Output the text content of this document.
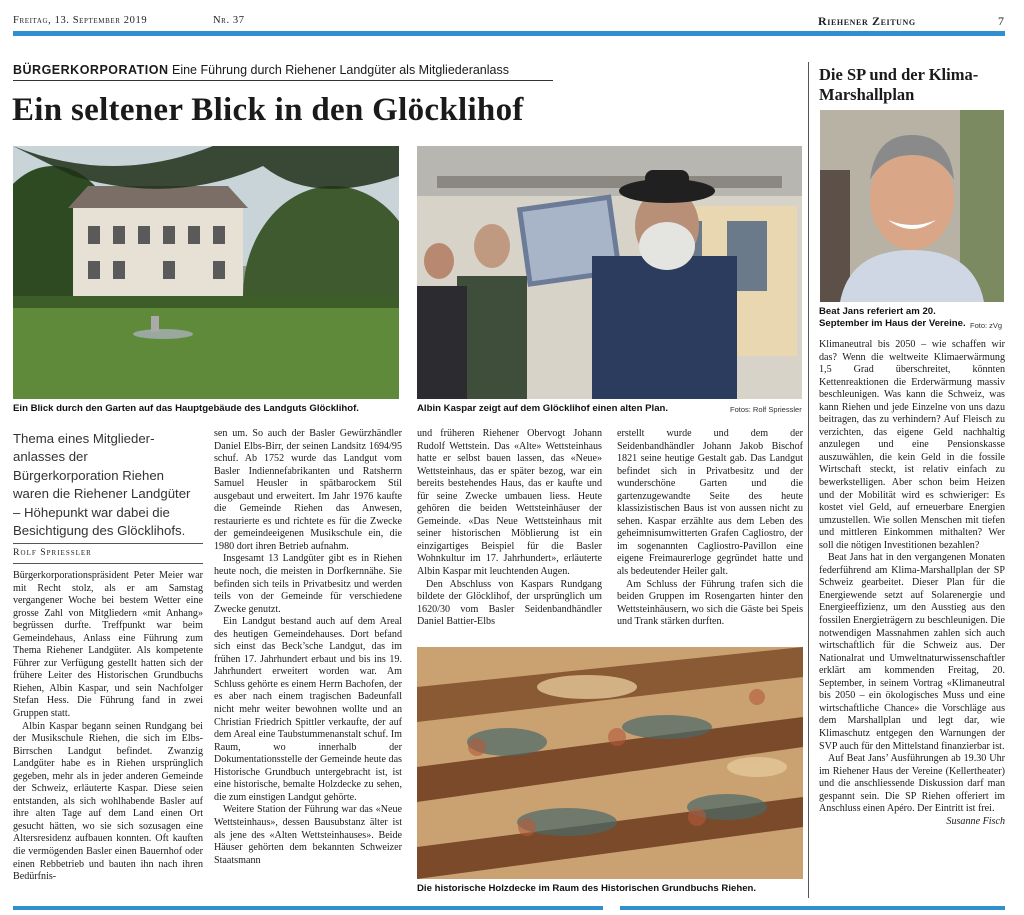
Freitag, 13. September 2019	Nr. 37	Riehener Zeitung	7
BÜRGERKORPORATION Eine Führung durch Riehener Landgüter als Mitgliederanlass
Ein seltener Blick in den Glöcklihof
Ein Blick durch den Garten auf das Hauptgebäude des Landguts Glöcklihof.	Albin Kaspar zeigt auf dem Glöcklihof einen alten Plan.	Fotos: Rolf Spriessler
Thema eines Mitgliederanlasses der Bürgerkorporation Riehen waren die Riehener Landgüter – Höhepunkt war dabei die Besichtigung des Glöcklihofs.
Rolf Spriessler

Bürgerkorporationspräsident Peter Meier war mit Recht stolz, als er am Samstag vergangener Woche bei bestem Wetter eine grosse Zahl von Mitgliedern «mit Anhang» begrüssen durfte. Treffpunkt war beim Gemeindehaus, Anlass eine Führung zum Thema Riehener Landgüter. Als kompetente Führer zur Verfügung gestellt hatten sich der frühere Leiter des Historischen Grundbuchs Riehen, Albin Kaspar, und sein Nachfolger Stefan Hess. Die Führung fand in zwei Gruppen statt.

Albin Kaspar begann seinen Rundgang bei der Musikschule Riehen, die sich im Elbs-Birrschen Landgut befindet. Zwanzig Landgüter habe es in Riehen ursprünglich gegeben, mehr als in jeder anderen Gemeinde der Schweiz, erläuterte Kaspar. Diese seien entstanden, als sich wohlhabende Basler auf ihre alten Tage auf dem Land einen Ort gesucht hätten, wo sie sich sozusagen eine Altersresidenz aufbauen konnten. Oft kauften die vermögenden Basler einen Bauernhof oder einen Rebbetrieb und bauten ihn nach ihren Bedürfnis-

sen um. So auch der Basler Gewürzhändler Daniel Elbs-Birr, der seinen Landsitz 1694/95 schuf. Ab 1752 wurde das Landgut vom Basler Indiennefabrikanten und Ratsherrn Samuel Heusler in spätbarockem Stil ausgebaut und erweitert. Im Jahr 1976 kaufte die Gemeinde Riehen das Anwesen, restaurierte es und richtete es für die Zwecke der gemeindeeigenen Musikschule ein, die 1980 dort ihren Betrieb aufnahm.

Insgesamt 13 Landgüter gibt es in Riehen heute noch, die meisten in Dorfkernnähe. Sie befinden sich teils in Privatbesitz und werden teils von der Gemeinde für verschiedene Zwecke genutzt.

Ein Landgut bestand auch auf dem Areal des heutigen Gemeindehauses. Dort befand sich einst das Beck’sche Landgut, das im frühen 17. Jahrhundert erbaut und bis ins 19. Jahrhundert erweitert worden war. Am Schluss gehörte es einem Herrn Bachofen, der es aber nach einem tragischen Badeunfall nicht mehr weiter bewohnen wollte und an Christian Friedrich Spittler verkaufte, der auf dem Areal eine Taubstummenanstalt schuf. Im Raum, wo innerhalb der Dokumentationsstelle der Gemeinde heute das Historische Grundbuch untergebracht ist, ist eine historische, bemalte Holzdecke zu sehen, die zum einstigen Landgut gehörte.

Weitere Station der Führung war das «Neue Wettsteinhaus», dessen Bausubstanz älter ist als jene des «Alten Wettsteinhauses». Beide Häuser gehörten dem bekannten Schweizer Staatsmann

und früheren Riehener Obervogt Johann Rudolf Wettstein. Das «Alte» Wettsteinhaus hatte er selbst bauen lassen, das «Neue» Wettsteinhaus, das er später bezog, war ein bereits bestehendes Haus, das er kaufte und für seine Zwecke umbauen liess. Heute gehören die beiden Wettsteinhäuser der Gemeinde. «Das Neue Wettsteinhaus mit seiner historischen Möblierung ist ein einzigartiges Beispiel für die Basler Wohnkultur im 17. Jahrhundert», erläuterte Albin Kaspar mit leuchtenden Augen.

Den Abschluss von Kaspars Rundgang bildete der Glöcklihof, der ursprünglich um 1620/30 vom Basler Seidenbandhändler Daniel Battier-Elbs

erstellt wurde und dem der Seidenbandhändler Johann Jakob Bischof 1821 seine heutige Gestalt gab. Das Landgut befindet sich in Privatbesitz und der wunderschöne Garten und die gartenzugewandte Seite des heute klassizistischen Baus ist von aussen nicht zu sehen. Kaspar erzählte aus dem Leben des geheimnisumwitterten Grafen Cagliostro, der im sogenannten Cagliostro-Pavillon eine eigene Freimaurerloge gegründet hatte und als bedeutender Heiler galt.

Am Schluss der Führung trafen sich die beiden Gruppen im Rosengarten hinter den Wettsteinhäusern, wo sich die Gäste bei Speis und Trank stärken durften.

Die historische Holzdecke im Raum des Historischen Grundbuchs Riehen.
Die SP und der Klima-Marshallplan
Beat Jans referiert am 20. September im Haus der Vereine. Foto: zVg

Klimaneutral bis 2050 – wie schaffen wir das? Wenn die weltweite Klimaerwärmung 1,5 Grad überschreitet, könnten Kettenreaktionen die Erderwärmung massiv beschleunigen. Was kann die Schweiz, was kann Riehen und jede Einzelne von uns dazu beitragen, das zu verhindern? Auf Fleisch zu verzichten, das eigene Geld nachhaltig anzulegen und eine Pensionskasse auszuwählen, die kein Geld in die fossile Wirtschaft steckt, ist relativ einfach zu bewerkstelligen. Aber schon beim Heizen und der Mobilität wird es schwieriger: Es kostet viel Geld, auf erneuerbare Energien umzustellen. Wie sollen Menschen mit tiefen und mittleren Einkommen mithalten? Wer soll die nötigen Investitionen bezahlen?

Beat Jans hat in den vergangenen Monaten federführend am Klima-Marshallplan der SP Schweiz gearbeitet. Dieser Plan für die Energiewende setzt auf Solarenergie und Energieeffizienz, um den Ausstieg aus den fossilen Energieträgern zu beschleunigen. Die notwendigen Massnahmen zahlen sich auch wirtschaftlich für die Schweiz aus. Der Nationalrat und Umweltnaturwissenschaftler erklärt am kommenden Freitag, 20. September, in seinem Vortrag «Klimaneutral bis 2050 – ein ökologisches Muss und eine wirtschaftliche Chance» die Vorschläge aus dem Marshallplan und legt dar, wie Klimaschutz entgegen den Warnungen der SVP auch für den Mittelstand finanzierbar ist.

Auf Beat Jans’ Ausführungen ab 19.30 Uhr im Riehener Haus der Vereine (Kellertheater) und die anschliessende Diskussion darf man gespannt sein. Die SP Riehen offeriert im Anschluss einen Apéro. Der Eintritt ist frei.
Susanne Fisch
